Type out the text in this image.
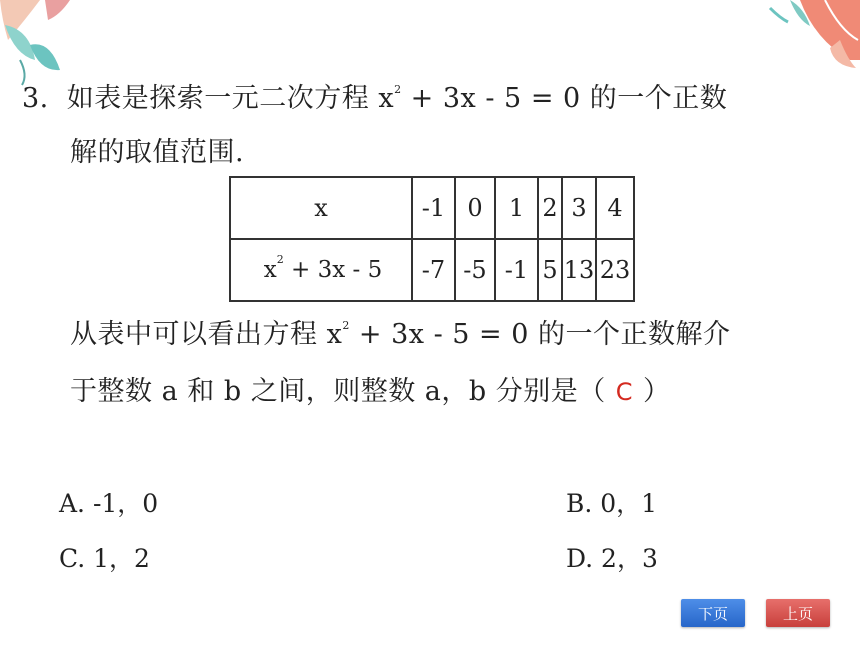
3. 如表是探索一元二次方程 $x^2 + 3x - 5 = 0$ 的一个正数
解的取值范围.
x	-1	0	1	2	3	4
$x^2 + 3x - 5$	-7	-5	-1	5	13	23
从表中可以看出方程 $x^2 + 3x - 5 = 0$ 的一个正数解介
于整数 a 和 b 之间，则整数 a，b 分别是（ C ）
A. -1，0	B. 0，1
C. 1，2	D. 2，3
下页	上页
